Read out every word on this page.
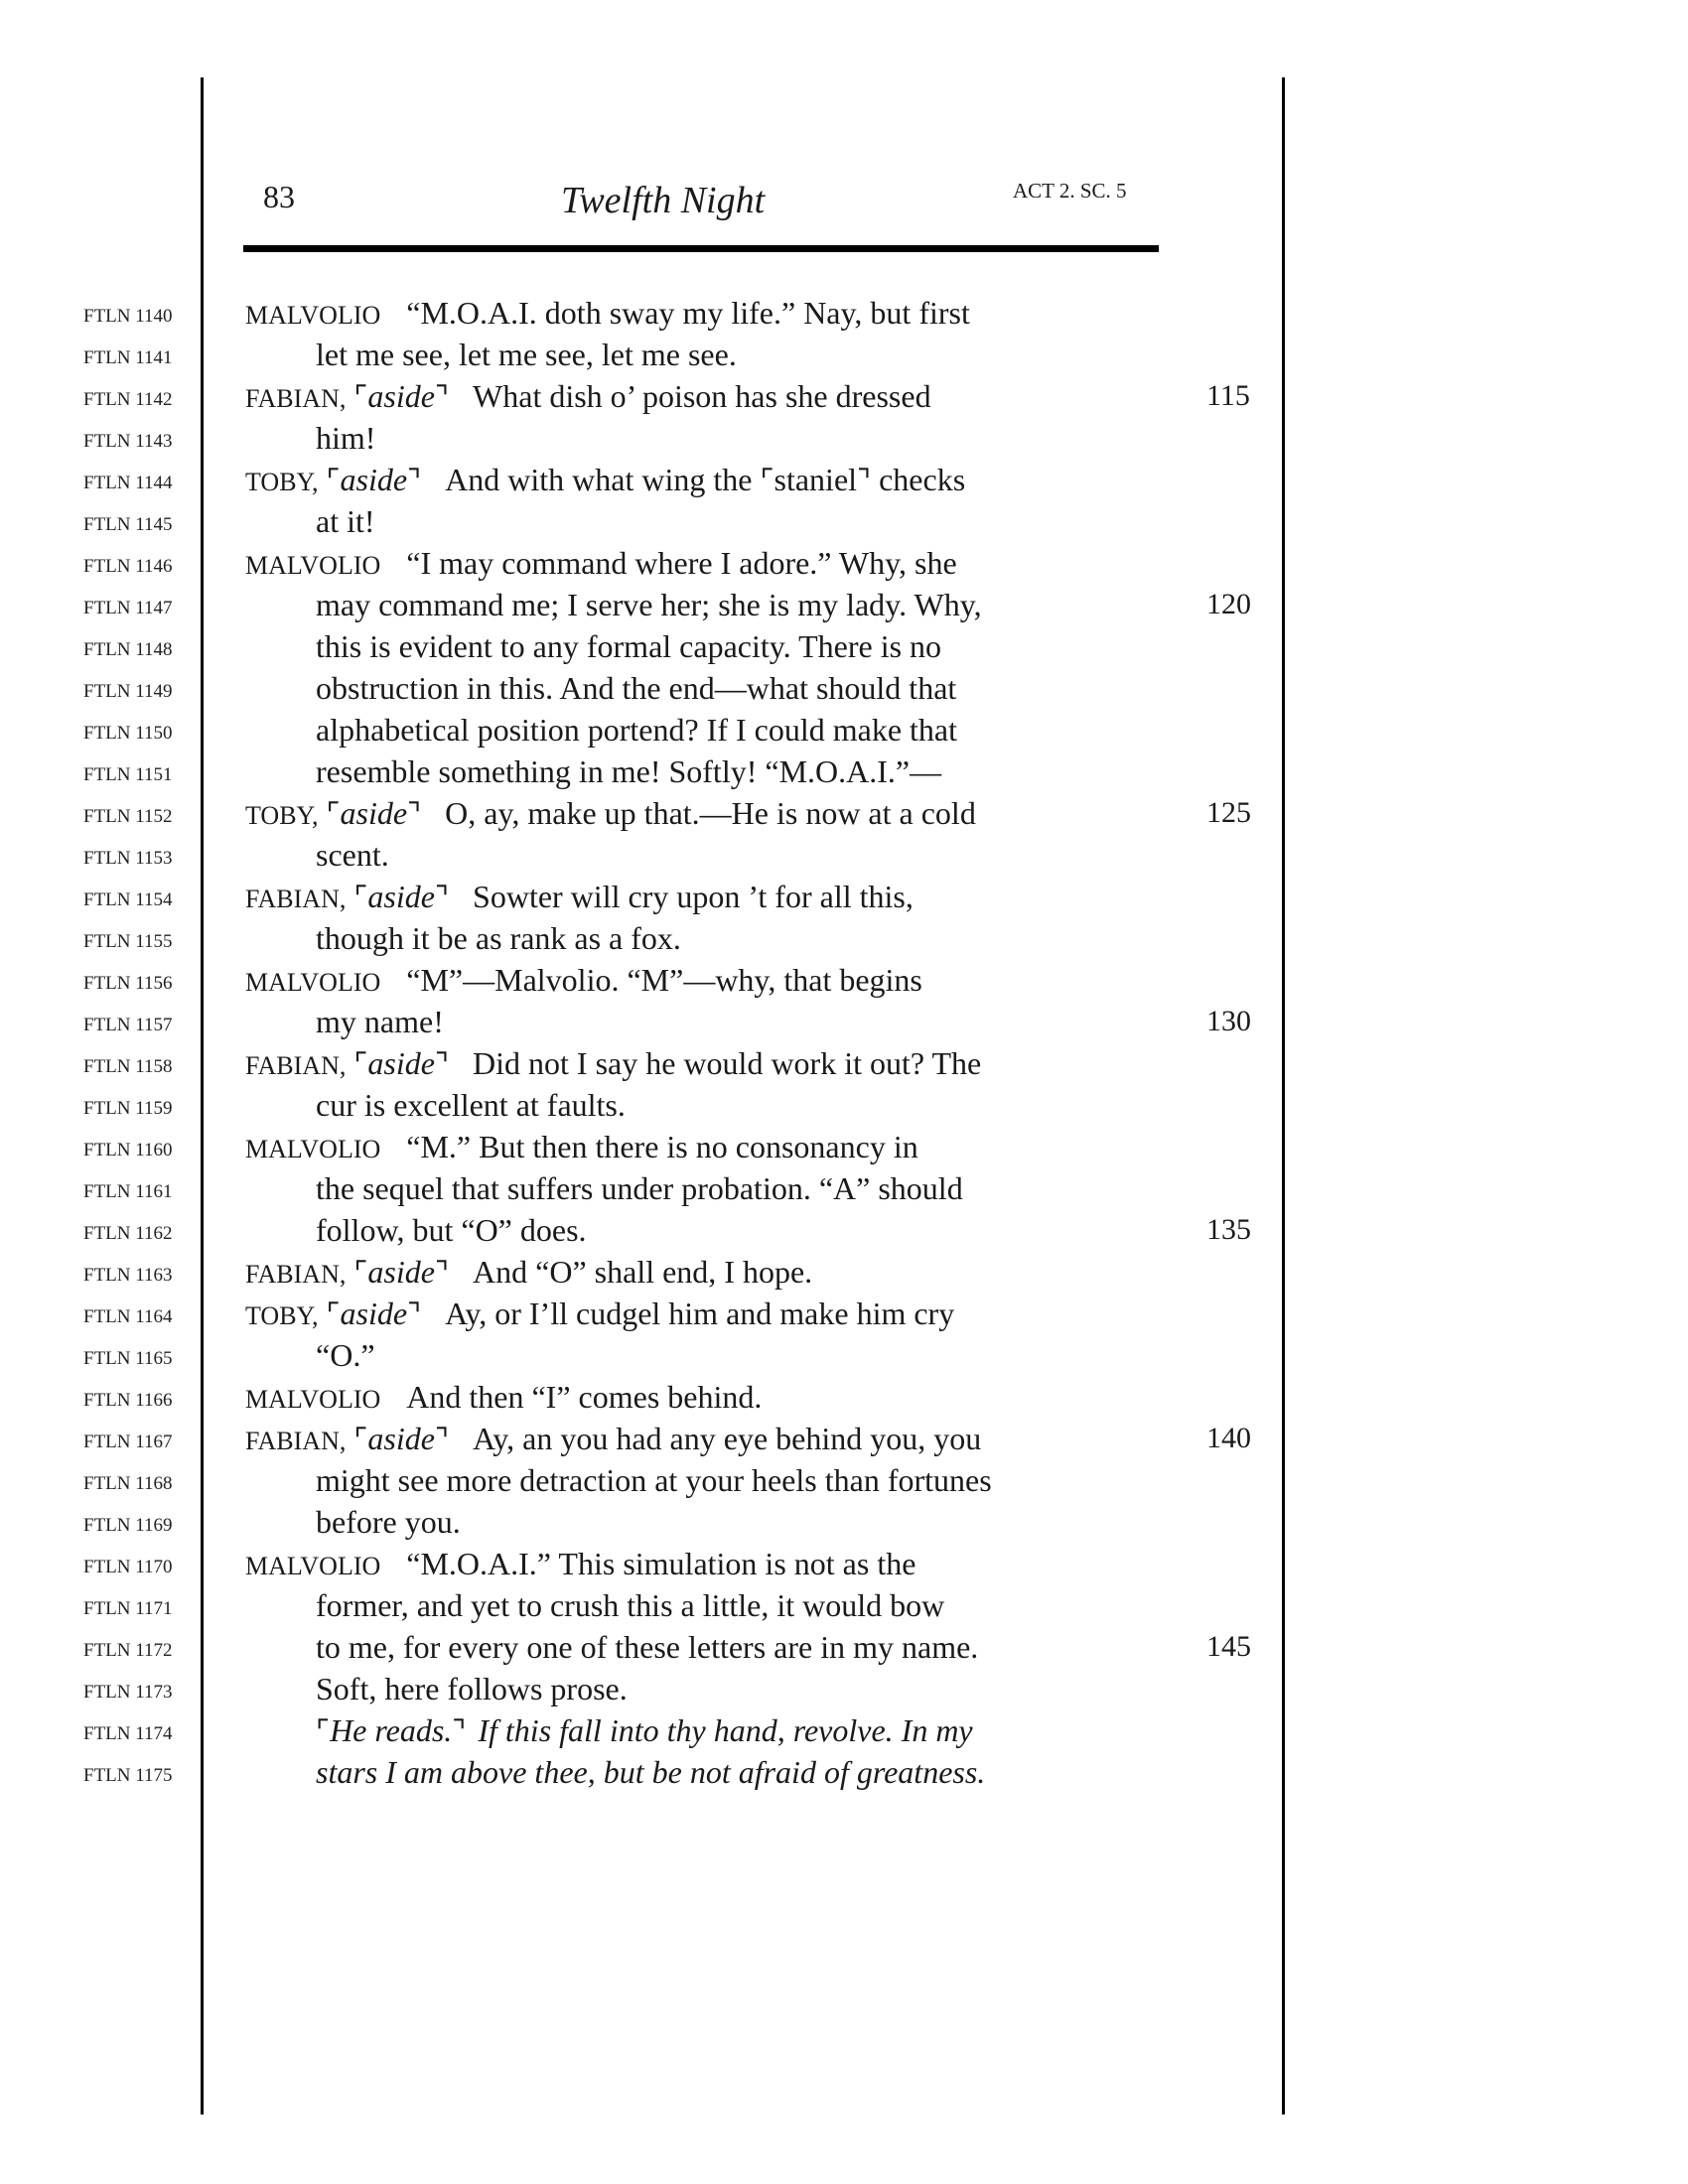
83	Twelfth Night	ACT 2. SC. 5
FTLN 1140	MALVOLIO “M.O.A.I. doth sway my life.” Nay, but first
FTLN 1141	let me see, let me see, let me see.
FTLN 1142	FABIAN, ⌜aside⌝ What dish o’ poison has she dressed	115
FTLN 1143	him!
FTLN 1144	TOBY, ⌜aside⌝ And with what wing the ⌜staniel⌝ checks
FTLN 1145	at it!
FTLN 1146	MALVOLIO “I may command where I adore.” Why, she
FTLN 1147	may command me; I serve her; she is my lady. Why,	120
FTLN 1148	this is evident to any formal capacity. There is no
FTLN 1149	obstruction in this. And the end—what should that
FTLN 1150	alphabetical position portend? If I could make that
FTLN 1151	resemble something in me! Softly! “M.O.A.I.”—
FTLN 1152	TOBY, ⌜aside⌝ O, ay, make up that.—He is now at a cold	125
FTLN 1153	scent.
FTLN 1154	FABIAN, ⌜aside⌝ Sowter will cry upon ’t for all this,
FTLN 1155	though it be as rank as a fox.
FTLN 1156	MALVOLIO “M”—Malvolio. “M”—why, that begins
FTLN 1157	my name!	130
FTLN 1158	FABIAN, ⌜aside⌝ Did not I say he would work it out? The
FTLN 1159	cur is excellent at faults.
FTLN 1160	MALVOLIO “M.” But then there is no consonancy in
FTLN 1161	the sequel that suffers under probation. “A” should
FTLN 1162	follow, but “O” does.	135
FTLN 1163	FABIAN, ⌜aside⌝ And “O” shall end, I hope.
FTLN 1164	TOBY, ⌜aside⌝ Ay, or I’ll cudgel him and make him cry
FTLN 1165	“O.”
FTLN 1166	MALVOLIO And then “I” comes behind.
FTLN 1167	FABIAN, ⌜aside⌝ Ay, an you had any eye behind you, you	140
FTLN 1168	might see more detraction at your heels than fortunes
FTLN 1169	before you.
FTLN 1170	MALVOLIO “M.O.A.I.” This simulation is not as the
FTLN 1171	former, and yet to crush this a little, it would bow
FTLN 1172	to me, for every one of these letters are in my name.	145
FTLN 1173	Soft, here follows prose.
FTLN 1174	⌜He reads.⌝ If this fall into thy hand, revolve. In my
FTLN 1175	stars I am above thee, but be not afraid of greatness.
